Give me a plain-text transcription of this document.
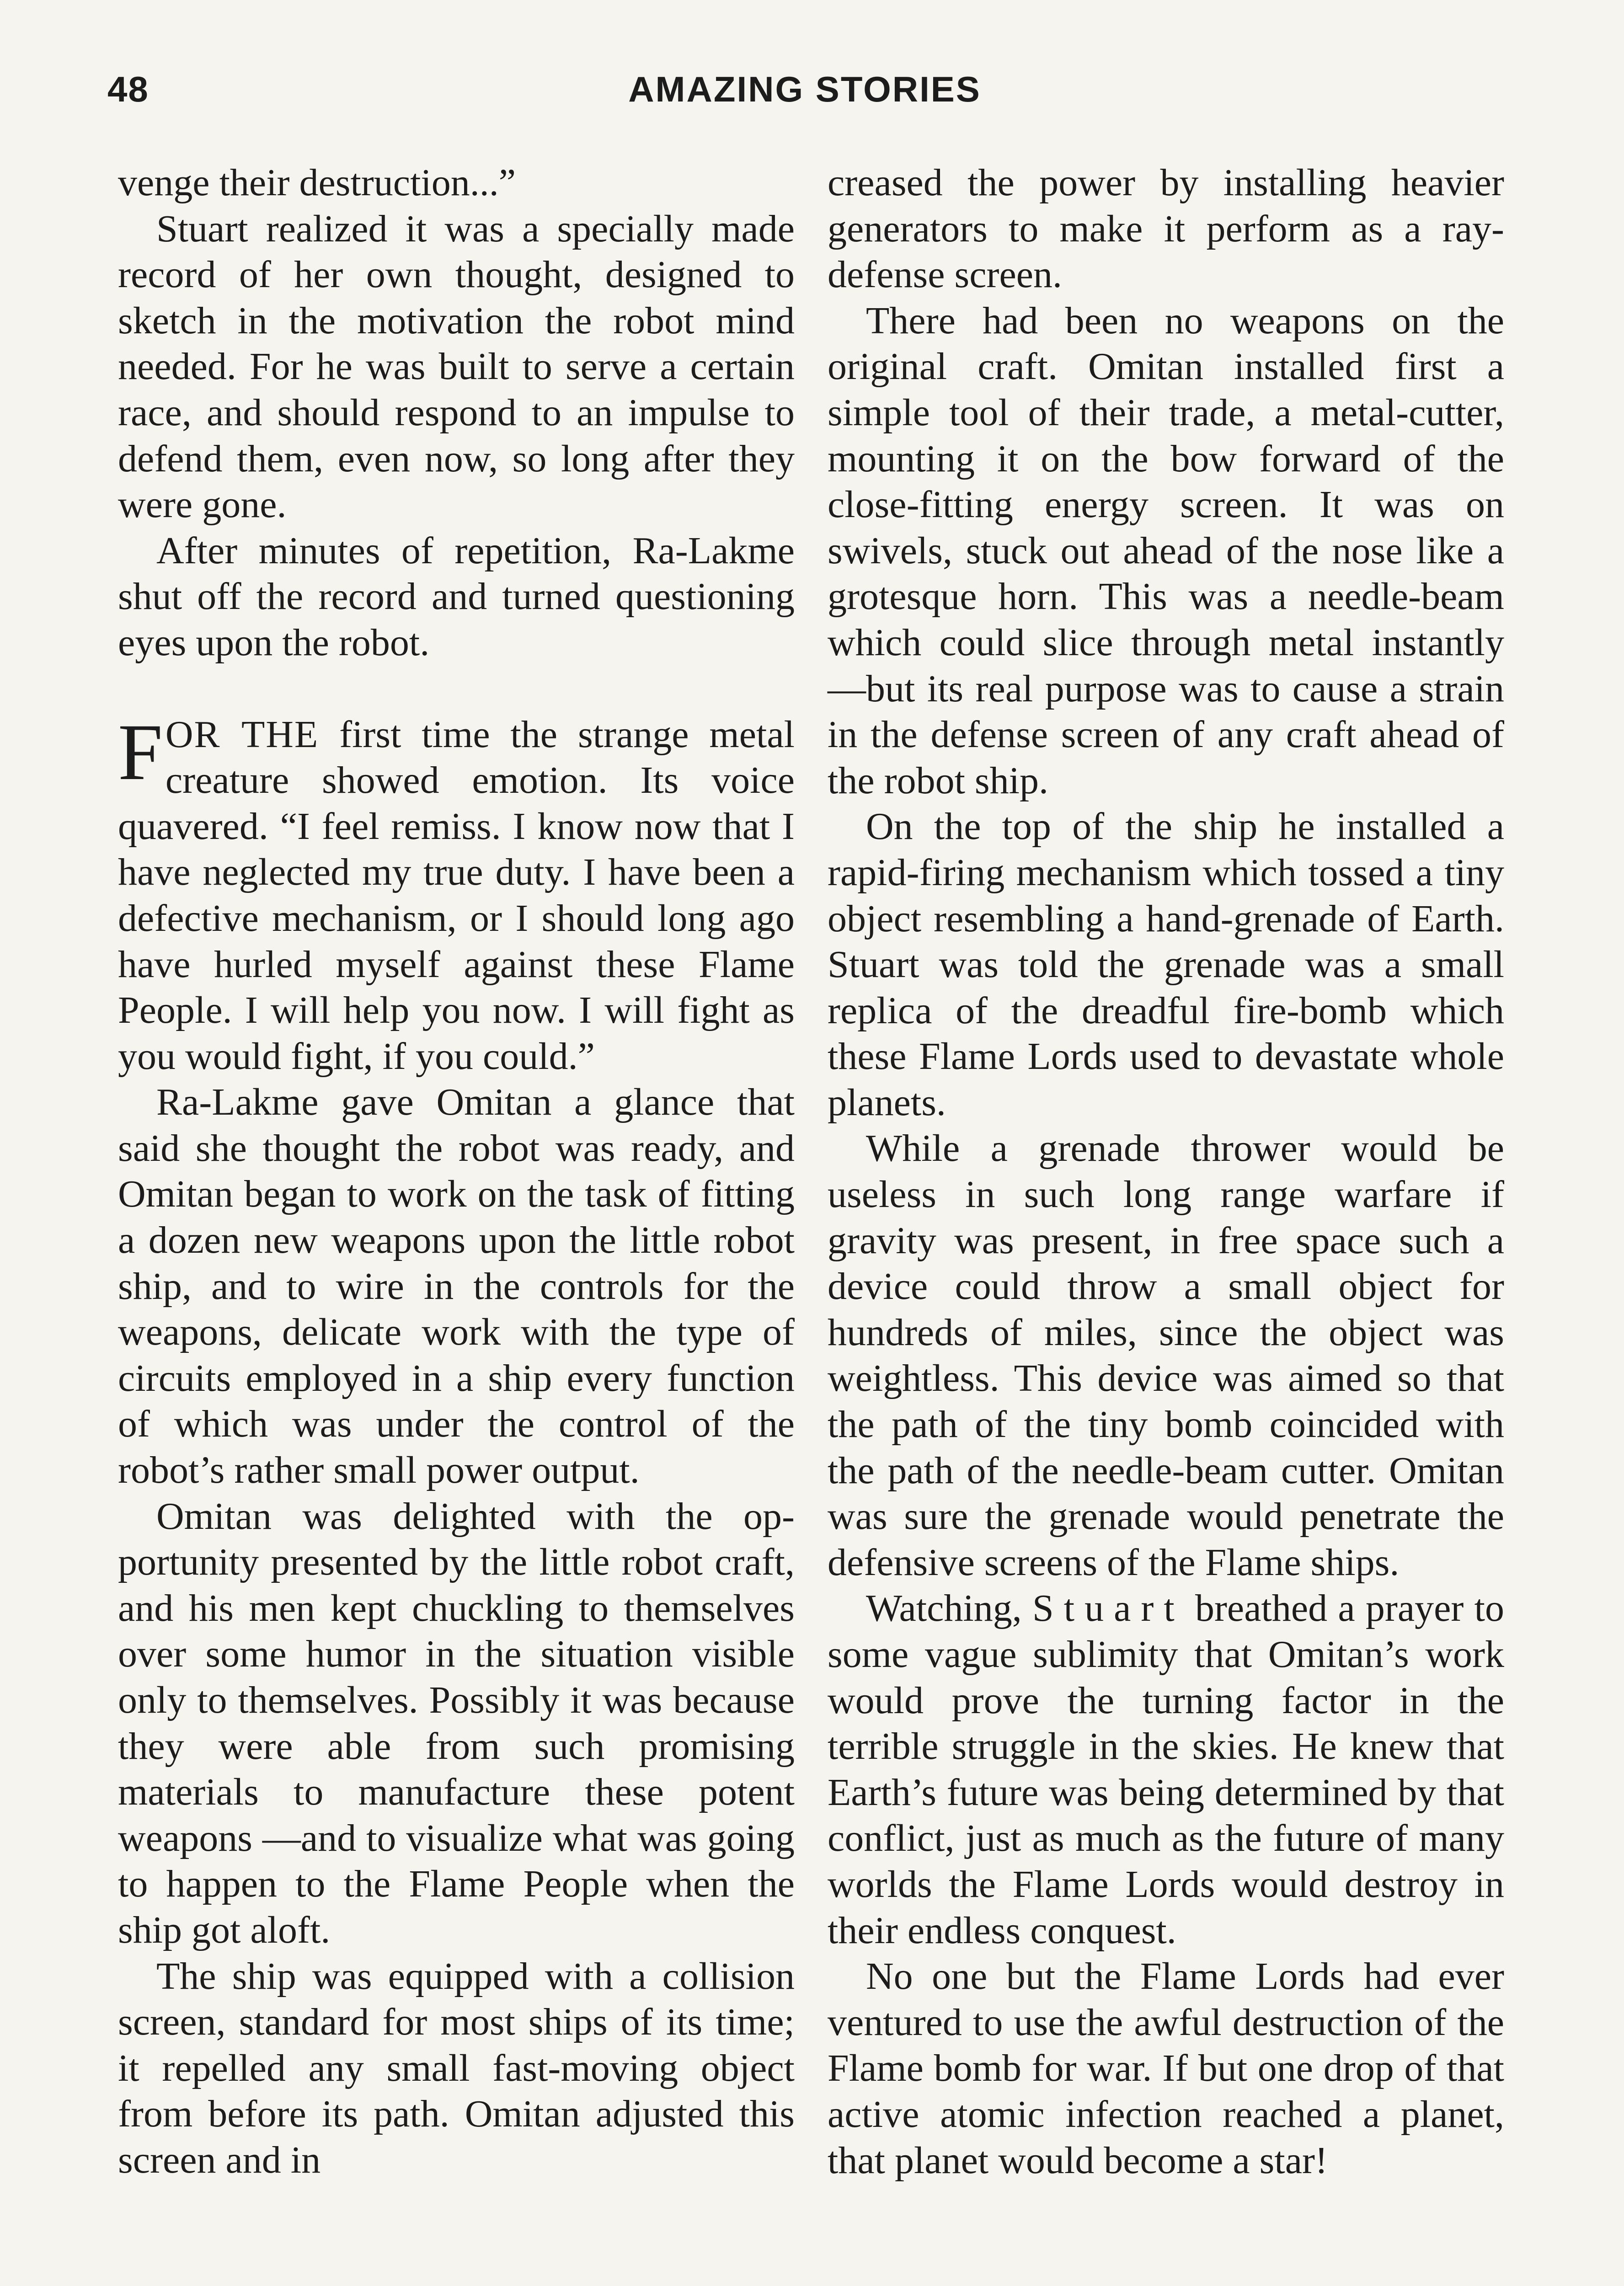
48	AMAZING STORIES

venge their destruction...”

Stuart realized it was a specially made record of her own thought, designed to sketch in the motivation the robot mind needed. For he was built to serve a certain race, and should respond to an impulse to defend them, even now, so long after they were gone.

After minutes of repetition, Ra-Lakme shut off the record and turned questioning eyes upon the robot.

FOR THE first time the strange metal creature showed emotion. Its voice quavered. “I feel remiss. I know now that I have neglected my true duty. I have been a defective mechanism, or I should long ago have hurled myself against these Flame People. I will help you now. I will fight as you would fight, if you could.”

Ra-Lakme gave Omitan a glance that said she thought the robot was ready, and Omitan began to work on the task of fitting a dozen new weapons upon the little robot ship, and to wire in the controls for the weapons, delicate work with the type of circuits employed in a ship every function of which was under the control of the robot’s rather small power output.

Omitan was delighted with the opportunity presented by the little robot craft, and his men kept chuckling to themselves over some humor in the situation visible only to themselves. Possibly it was because they were able from such promising materials to manufacture these potent weapons —and to visualize what was going to happen to the Flame People when the ship got aloft.

The ship was equipped with a collision screen, standard for most ships of its time; it repelled any small fast-moving object from before its path. Omitan adjusted this screen and in

creased the power by installing heavier generators to make it perform as a ray-defense screen.

There had been no weapons on the original craft. Omitan installed first a simple tool of their trade, a metal-cutter, mounting it on the bow forward of the close-fitting energy screen. It was on swivels, stuck out ahead of the nose like a grotesque horn. This was a needle-beam which could slice through metal instantly —but its real purpose was to cause a strain in the defense screen of any craft ahead of the robot ship.

On the top of the ship he installed a rapid-firing mechanism which tossed a tiny object resembling a hand-grenade of Earth. Stuart was told the grenade was a small replica of the dreadful fire-bomb which these Flame Lords used to devastate whole planets.

While a grenade thrower would be useless in such long range warfare if gravity was present, in free space such a device could throw a small object for hundreds of miles, since the object was weightless. This device was aimed so that the path of the tiny bomb coincided with the path of the needle-beam cutter. Omitan was sure the grenade would penetrate the defensive screens of the Flame ships.

Watching, Stuart breathed a prayer to some vague sublimity that Omitan’s work would prove the turning factor in the terrible struggle in the skies. He knew that Earth’s future was being determined by that conflict, just as much as the future of many worlds the Flame Lords would destroy in their endless conquest.

No one but the Flame Lords had ever ventured to use the awful destruction of the Flame bomb for war. If but one drop of that active atomic infection reached a planet, that planet would become a star!
